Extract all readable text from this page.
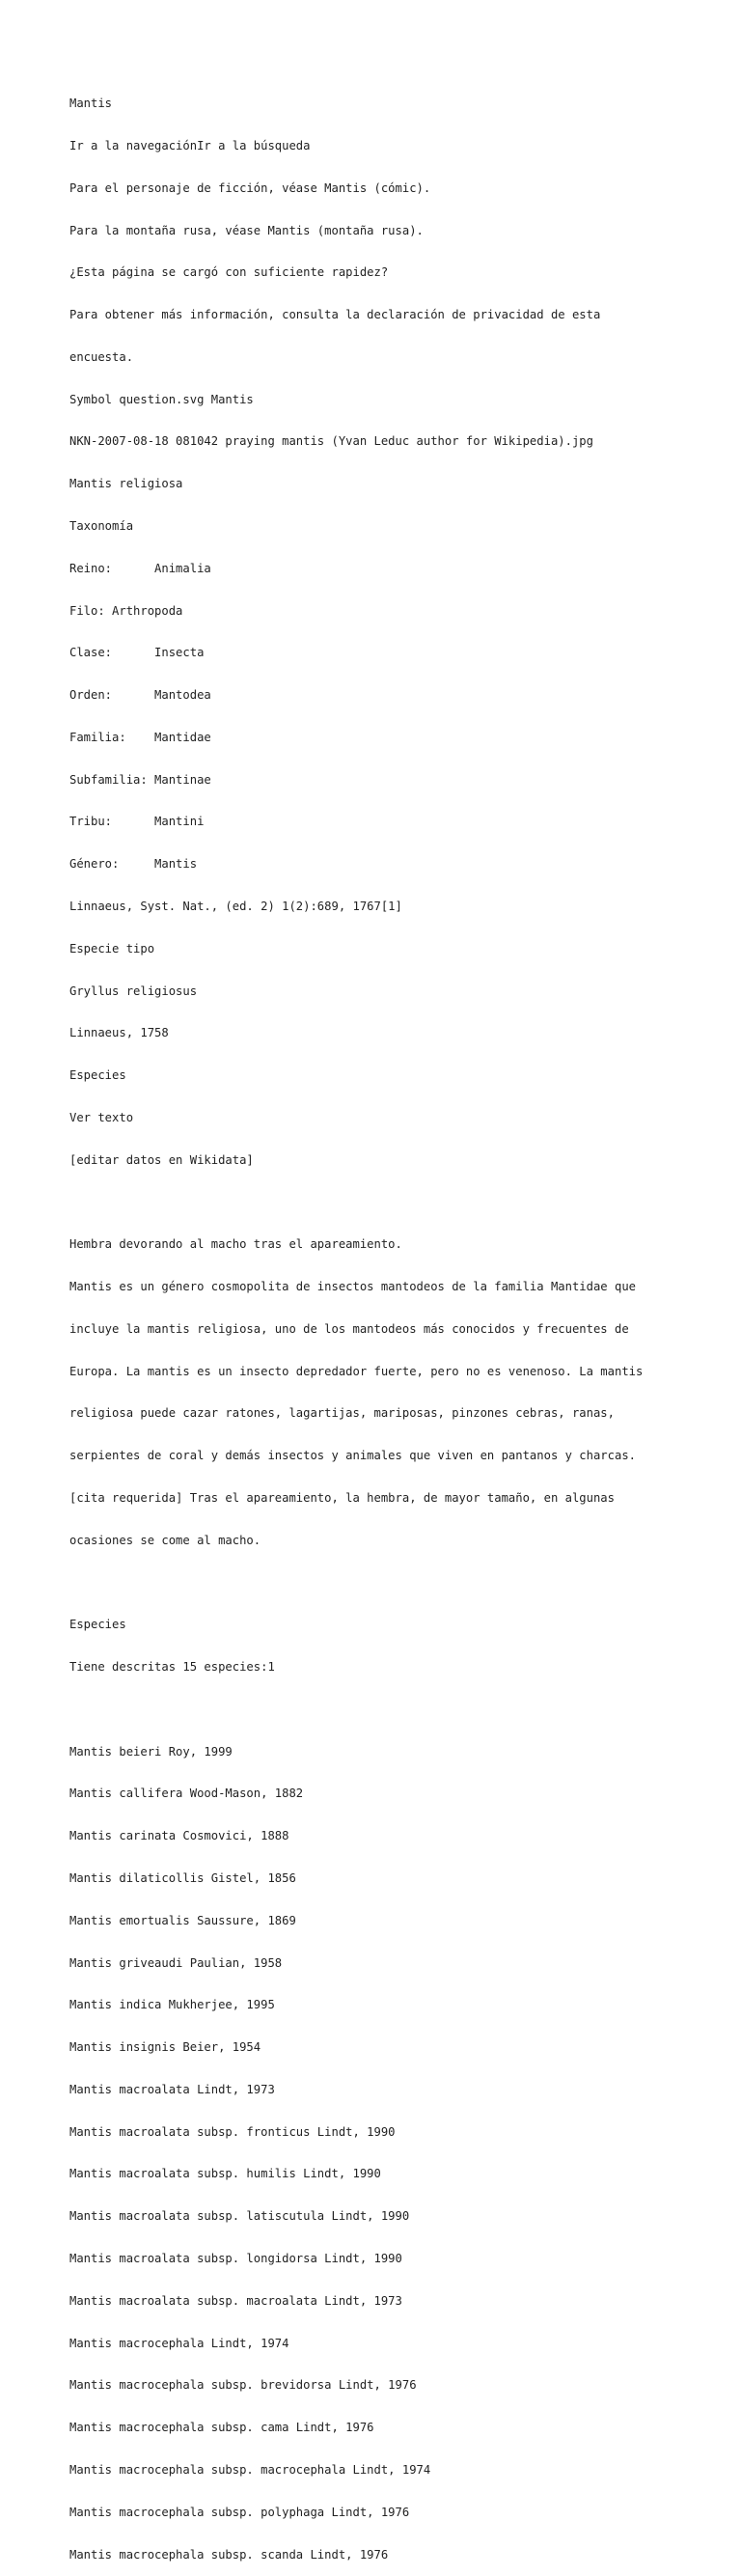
Mantis

Ir a la navegaciónIr a la búsqueda

Para el personaje de ficción, véase Mantis (cómic).

Para la montaña rusa, véase Mantis (montaña rusa).

¿Esta página se cargó con suficiente rapidez?

Para obtener más información, consulta la declaración de privacidad de esta

encuesta.

Symbol question.svg Mantis

NKN-2007-08-18 081042 praying mantis (Yvan Leduc author for Wikipedia).jpg

Mantis religiosa

Taxonomía

Reino:      Animalia

Filo: Arthropoda

Clase:      Insecta

Orden:      Mantodea

Familia:    Mantidae

Subfamilia: Mantinae

Tribu:      Mantini

Género:     Mantis

Linnaeus, Syst. Nat., (ed. 2) 1(2):689, 1767[1]

Especie tipo

Gryllus religiosus

Linnaeus, 1758

Especies

Ver texto

[editar datos en Wikidata]

Hembra devorando al macho tras el apareamiento.

Mantis es un género cosmopolita de insectos mantodeos de la familia Mantidae que

incluye la mantis religiosa, uno de los mantodeos más conocidos y frecuentes de

Europa. La mantis es un insecto depredador fuerte, pero no es venenoso. La mantis

religiosa puede cazar ratones, lagartijas, mariposas, pinzones cebras, ranas,

serpientes de coral y demás insectos y animales que viven en pantanos y charcas.

[cita requerida] Tras el apareamiento, la hembra, de mayor tamaño, en algunas

ocasiones se come al macho.

Especies

Tiene descritas 15 especies:1

Mantis beieri Roy, 1999

Mantis callifera Wood-Mason, 1882

Mantis carinata Cosmovici, 1888

Mantis dilaticollis Gistel, 1856

Mantis emortualis Saussure, 1869

Mantis griveaudi Paulian, 1958

Mantis indica Mukherjee, 1995

Mantis insignis Beier, 1954

Mantis macroalata Lindt, 1973

Mantis macroalata subsp. fronticus Lindt, 1990

Mantis macroalata subsp. humilis Lindt, 1990

Mantis macroalata subsp. latiscutula Lindt, 1990

Mantis macroalata subsp. longidorsa Lindt, 1990

Mantis macroalata subsp. macroalata Lindt, 1973

Mantis macrocephala Lindt, 1974

Mantis macrocephala subsp. brevidorsa Lindt, 1976

Mantis macrocephala subsp. cama Lindt, 1976

Mantis macrocephala subsp. macrocephala Lindt, 1974

Mantis macrocephala subsp. polyphaga Lindt, 1976

Mantis macrocephala subsp. scanda Lindt, 1976
